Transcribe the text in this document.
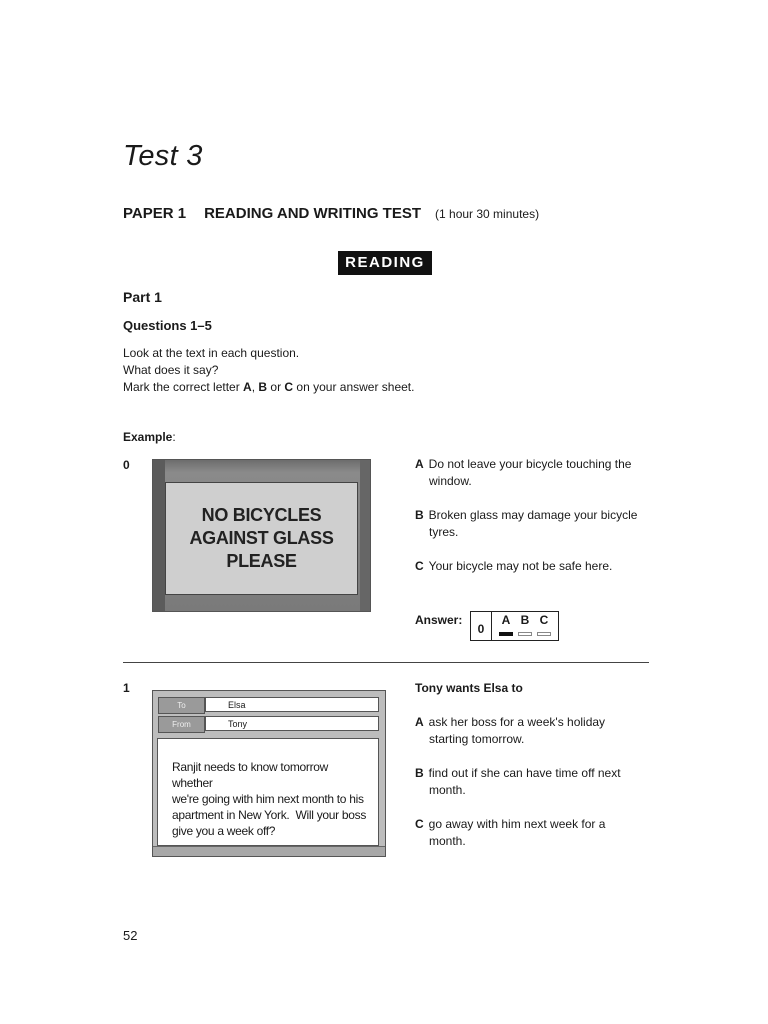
Test 3
PAPER 1 READING AND WRITING TEST (1 hour 30 minutes)
READING
Part 1
Questions 1–5
Look at the text in each question.
What does it say?
Mark the correct letter A, B or C on your answer sheet.
Example:
0
NO BICYCLES
AGAINST GLASS
PLEASE
A Do not leave your bicycle touching the
window.
B Broken glass may damage your bicycle
tyres.
C Your bicycle may not be safe here.
Answer:
0
A B C
1
To	Elsa
From	Tony
Ranjit needs to know tomorrow whether
we're going with him next month to his
apartment in New York.  Will your boss
give you a week off?
Tony wants Elsa to
A ask her boss for a week's holiday
starting tomorrow.
B find out if she can have time off next
month.
C go away with him next week for a
month.
52
